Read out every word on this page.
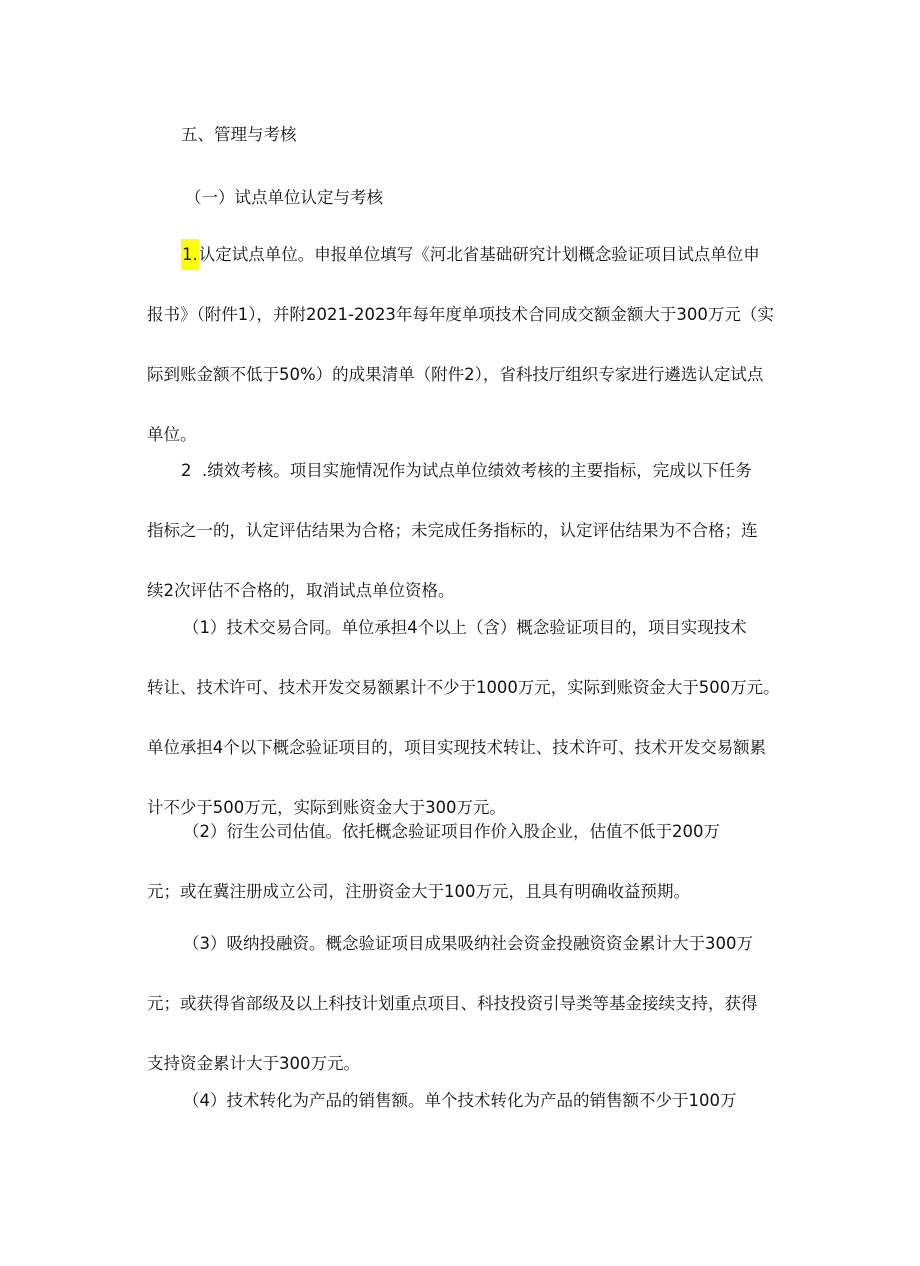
五、管理与考核

（一）试点单位认定与考核

1.认定试点单位。申报单位填写《河北省基础研究计划概念验证项目试点单位申
报书》（附件1），并附2021-2023年每年度单项技术合同成交额金额大于300万元（实
际到账金额不低于50%）的成果清单（附件2），省科技厅组织专家进行遴选认定试点
单位。

2  .绩效考核。项目实施情况作为试点单位绩效考核的主要指标，完成以下任务
指标之一的，认定评估结果为合格；未完成任务指标的，认定评估结果为不合格；连
续2次评估不合格的，取消试点单位资格。

（1）技术交易合同。单位承担4个以上（含）概念验证项目的，项目实现技术
转让、技术许可、技术开发交易额累计不少于1000万元，实际到账资金大于500万元。
单位承担4个以下概念验证项目的，项目实现技术转让、技术许可、技术开发交易额累
计不少于500万元，实际到账资金大于300万元。

（2）衍生公司估值。依托概念验证项目作价入股企业，估值不低于200万
元；或在冀注册成立公司，注册资金大于100万元，且具有明确收益预期。

（3）吸纳投融资。概念验证项目成果吸纳社会资金投融资资金累计大于300万
元；或获得省部级及以上科技计划重点项目、科技投资引导类等基金接续支持，获得
支持资金累计大于300万元。

（4）技术转化为产品的销售额。单个技术转化为产品的销售额不少于100万
